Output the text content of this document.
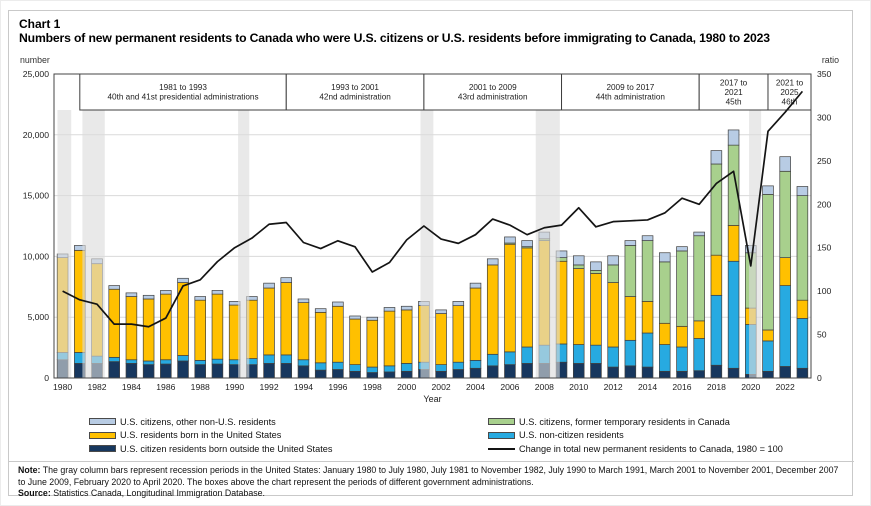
Chart 1
Numbers of new permanent residents to Canada who were U.S. citizens or U.S. residents before immigrating to Canada, 1980 to 2023
number	ratio
1981 to 1993
40th and 41st presidential administrations
1993 to 2001
42nd administration
2001 to 2009
43rd administration
2009 to 2017
44th administration
2017 to
2021
45th
2021 to
2025
46th
0
5,000
10,000
15,000
20,000
25,000
0
50
100
150
200
250
300
350
1980 1982 1984 1986 1988 1990 1992 1994 1996 1998 2000 2002 2004 2006 2008 2010 2012 2014 2016 2018 2020 2022
Year
U.S. citizens, other non-U.S. residents
U.S. residents born in the United States
U.S. citizen residents born outside the United States
U.S. citizens, former temporary residents in Canada
U.S. non-citizen residents
Change in total new permanent residents to Canada, 1980 = 100
Note: The gray column bars represent recession periods in the United States: January 1980 to July 1980, July 1981 to November 1982, July 1990 to March 1991, March 2001 to November 2001, December 2007 to June 2009, February 2020 to April 2020. The boxes above the chart represent the periods of different government administrations.
Source: Statistics Canada, Longitudinal Immigration Database.
